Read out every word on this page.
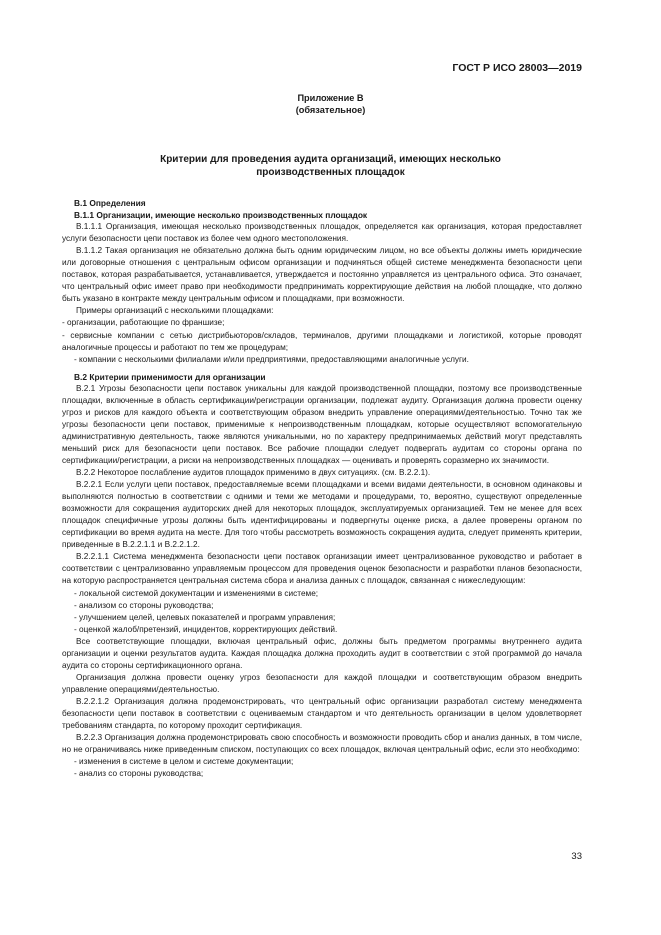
ГОСТ Р ИСО 28003—2019
Приложение В
(обязательное)
Критерии для проведения аудита организаций, имеющих несколько производственных площадок
В.1 Определения
В.1.1 Организации, имеющие несколько производственных площадок

В.1.1.1 Организация, имеющая несколько производственных площадок, определяется как организация, которая предоставляет услуги безопасности цепи поставок из более чем одного местоположения.

В.1.1.2 Такая организация не обязательно должна быть одним юридическим лицом, но все объекты должны иметь юридические или договорные отношения с центральным офисом организации и подчиняться общей системе менеджмента безопасности цепи поставок, которая разрабатывается, устанавливается, утверждается и постоянно управляется из центрального офиса. Это означает, что центральный офис имеет право при необходимости предпринимать корректирующие действия на любой площадке, что должно быть указано в контракте между центральным офисом и площадками, при возможности.

Примеры организаций с несколькими площадками:

- организации, работающие по франшизе;

- сервисные компании с сетью дистрибьюторов/складов, терминалов, другими площадками и логистикой, которые проводят аналогичные процессы и работают по тем же процедурам;

- компании с несколькими филиалами и/или предприятиями, предоставляющими аналогичные услуги.

В.2 Критерии применимости для организации

В.2.1 Угрозы безопасности цепи поставок уникальны для каждой производственной площадки, поэтому все производственные площадки, включенные в область сертификации/регистрации организации, подлежат аудиту. Организация должна провести оценку угроз и рисков для каждого объекта и соответствующим образом внедрить управление операциями/деятельностью. Точно так же угрозы безопасности цепи поставок, применимые к непроизводственным площадкам, которые осуществляют вспомогательную административную деятельность, также являются уникальными, но по характеру предпринимаемых действий могут представлять меньший риск для безопасности цепи поставок. Все рабочие площадки следует подвергать аудитам со стороны органа по сертификации/регистрации, а риски на непроизводственных площадках — оценивать и проверять соразмерно их значимости.

В.2.2 Некоторое послабление аудитов площадок применимо в двух ситуациях. (см. В.2.2.1).

В.2.2.1 Если услуги цепи поставок, предоставляемые всеми площадками и всеми видами деятельности, в основном одинаковы и выполняются полностью в соответствии с одними и теми же методами и процедурами, то, вероятно, существуют определенные возможности для сокращения аудиторских дней для некоторых площадок, эксплуатируемых организацией. Тем не менее для всех площадок специфичные угрозы должны быть идентифицированы и подвергнуты оценке риска, а далее проверены органом по сертификации во время аудита на месте. Для того чтобы рассмотреть возможность сокращения аудита, следует применять критерии, приведенные в В.2.2.1.1 и В.2.2.1.2.

В.2.2.1.1 Система менеджмента безопасности цепи поставок организации имеет централизованное руководство и работает в соответствии с централизованно управляемым процессом для проведения оценок безопасности и разработки планов безопасности, на которую распространяется центральная система сбора и анализа данных с площадок, связанная с нижеследующим:

- локальной системой документации и изменениями в системе;

- анализом со стороны руководства;

- улучшением целей, целевых показателей и программ управления;

- оценкой жалоб/претензий, инцидентов, корректирующих действий.

Все соответствующие площадки, включая центральный офис, должны быть предметом программы внутреннего аудита организации и оценки результатов аудита. Каждая площадка должна проходить аудит в соответствии с этой программой до начала аудита со стороны сертификационного органа.

Организация должна провести оценку угроз безопасности для каждой площадки и соответствующим образом внедрить управление операциями/деятельностью.

В.2.2.1.2 Организация должна продемонстрировать, что центральный офис организации разработал систему менеджмента безопасности цепи поставок в соответствии с оцениваемым стандартом и что деятельность организации в целом удовлетворяет требованиям стандарта, по которому проходит сертификация.

В.2.2.3 Организация должна продемонстрировать свою способность и возможности проводить сбор и анализ данных, в том числе, но не ограничиваясь ниже приведенным списком, поступающих со всех площадок, включая центральный офис, если это необходимо:

- изменения в системе в целом и системе документации;

- анализ со стороны руководства;

33
